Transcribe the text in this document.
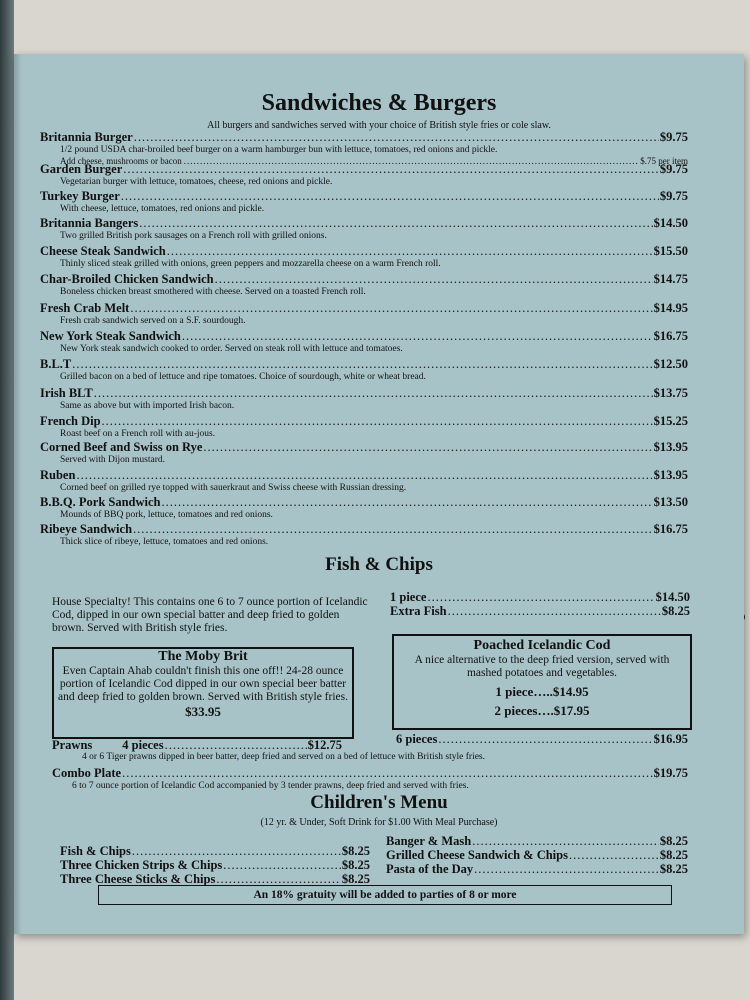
Sandwiches & Burgers
All burgers and sandwiches served with your choice of British style fries or cole slaw.
Britannia Burger .....	$9.75
1/2 pound USDA char-broiled beef burger on a warm hamburger bun with lettuce, tomatoes, red onions and pickle.
Add cheese, mushrooms or bacon .....	$.75 per item
Garden Burger .....	$9.75
Vegetarian burger with lettuce, tomatoes, cheese, red onions and pickle.
Turkey Burger .....	$9.75
With cheese, lettuce, tomatoes, red onions and pickle.
Britannia Bangers .....	$14.50
Two grilled British pork sausages on a French roll with grilled onions.
Cheese Steak Sandwich .....	$15.50
Thinly sliced steak grilled with onions, green peppers and mozzarella cheese on a warm French roll.
Char-Broiled Chicken Sandwich .....	$14.75
Boneless chicken breast smothered with cheese. Served on a toasted French roll.
Fresh Crab Melt .....	$14.95
Fresh crab sandwich served on a S.F. sourdough.
New York Steak Sandwich .....	$16.75
New York steak sandwich cooked to order. Served on steak roll with lettuce and tomatoes.
B.L.T .....	$12.50
Grilled bacon on a bed of lettuce and ripe tomatoes. Choice of sourdough, white or wheat bread.
Irish BLT .....	$13.75
Same as above but with imported Irish bacon.
French Dip .....	$15.25
Roast beef on a French roll with au-jous.
Corned Beef and Swiss on Rye .....	$13.95
Served with Dijon mustard.
Ruben .....	$13.95
Corned beef on grilled rye topped with sauerkraut and Swiss cheese with Russian dressing.
B.B.Q. Pork Sandwich .....	$13.50
Mounds of BBQ pork, lettuce, tomatoes and red onions.
Ribeye Sandwich .....	$16.75
Thick slice of ribeye, lettuce, tomatoes and red onions.
Fish & Chips
House Specialty! This contains one 6 to 7 ounce portion of Icelandic Cod, dipped in our own special batter and deep fried to golden brown. Served with British style fries.
1 piece .....	$14.50
Extra Fish .....	$8.25
The Moby Brit
Even Captain Ahab couldn't finish this one off!! 24-28 ounce portion of Icelandic Cod dipped in our own special beer batter and deep fried to golden brown. Served with British style fries.
$33.95
Poached Icelandic Cod
A nice alternative to the deep fried version, served with mashed potatoes and vegetables.
1 piece…..$14.95
2 pieces….$17.95
Prawns 4 pieces .....	$12.75	6 pieces .....	$16.95
4 or 6 Tiger prawns dipped in beer batter, deep fried and served on a bed of lettuce with British style fries.
Combo Plate .....	$19.75
6 to 7 ounce portion of Icelandic Cod accompanied by 3 tender prawns, deep fried and served with fries.
Children's Menu
(12 yr. & Under, Soft Drink for $1.00 With Meal Purchase)
Fish & Chips .....	$8.25
Three Chicken Strips & Chips .....	$8.25
Three Cheese Sticks & Chips .....	$8.25
Banger & Mash .....	$8.25
Grilled Cheese Sandwich & Chips .....	$8.25
Pasta of the Day .....	$8.25
An 18% gratuity will be added to parties of 8 or more
